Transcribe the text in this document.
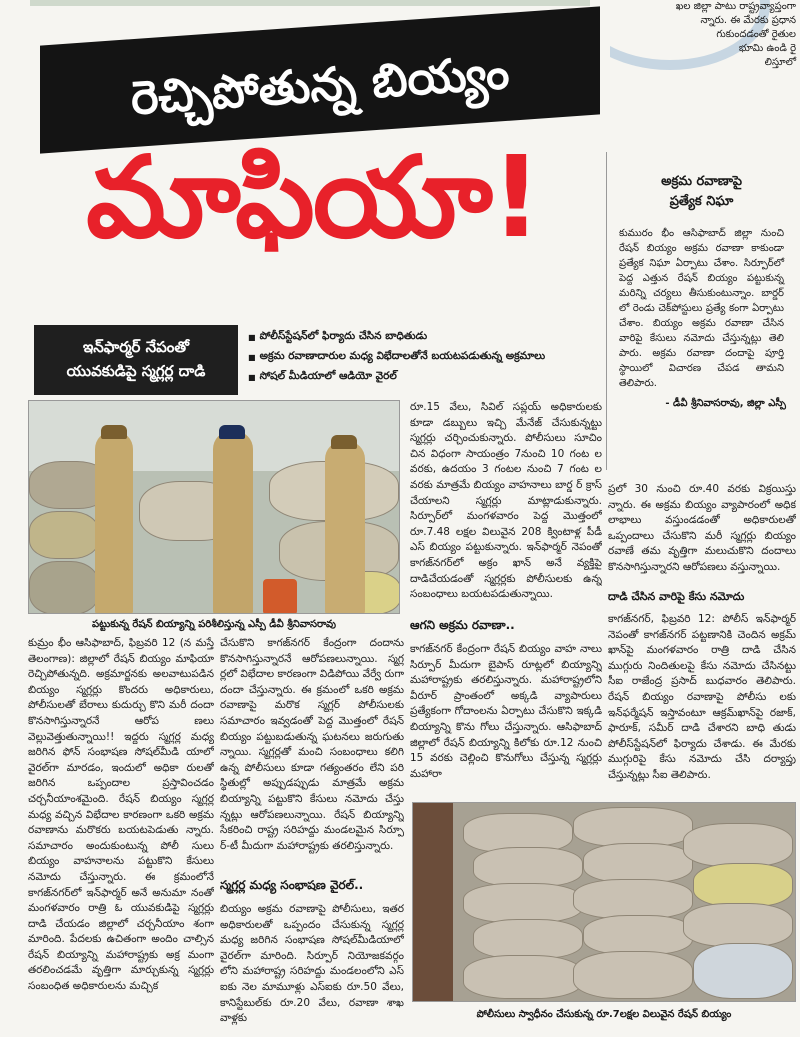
ఖల జిల్లా పాటు రాష్ట్రవ్యాప్తంగా
న్నారు. ఈ మేరకు ప్రధాన
గుకుందడంతో రైతుల
భూమి ఉండి రై
లిస్తూలో
రెచ్చిపోతున్న బియ్యం
మాఫియా!	అక్రమ రవాణాపై
ప్రత్యేక నిఘా
కుమురం భీం ఆసిఫాబాద్ జిల్లా నుంచి రేషన్ బియ్యం అక్రమ రవాణా కాకుండా ప్రత్యేక నిఘా ఏర్పాటు చేశాం. సిర్పూర్‌లో పెద్ద ఎత్తున రేషన్ బియ్యం పట్టుకున్న మరిన్ని చర్యలు తీసుకుంటున్నాం. బార్డర్ లో రెండు చెక్‌పోస్టులు ప్రత్యే కంగా ఏర్పాటు చేశాం. బియ్యం అక్రమ రవాణా చేసిన వారిపై కేసులు నమోదు చేస్తున్నట్లు తెలి పారు. అక్రమ రవాణా దందాపై పూర్తి స్థాయిలో విచారణ చేపడ తామని తెలిపారు.
- డీవీ శ్రీనివాసరావు, జిల్లా ఎస్పీ
ఇన్‌ఫార్మర్ నేపంతో
యువకుడిపై స్మగ్లర్ల దాడి
■ పోలీస్‌స్టేషన్‌లో ఫిర్యాదు చేసిన బాధితుడు
■ అక్రమ రవాణాదారుల మధ్య విభేదాలతోనే బయటపడుతున్న అక్రమాలు
■ సోషల్ మీడియాలో ఆడియో వైరల్
పట్టుకున్న రేషన్ బియ్యాన్ని పరిశీలిస్తున్న ఎస్పీ డీవీ శ్రీనివాసరావు
రూ.15 వేలు, సివిల్ సప్లయ్ అధికారులకు కూడా డబ్బులు ఇచ్చి మేనేజ్ చేసుకున్నట్టు స్మగ్లర్లు చర్చించుకున్నారు. పోలీసులు సూచిం చిన విధంగా సాయంత్రం 7నుంచి 10 గంట ల వరకు, ఉదయం 3 గంటల నుంచి 7 గంట ల వరకు మాత్రమే బియ్యం వాహనాలు బార్డ ర్ క్రాస్ చేయాలని స్మగ్లర్లు మాట్లాడుకున్నారు. సిర్పూర్‌లో మంగళవారం పెద్ద మొత్తంలో రూ.7.48 లక్షల విలువైన 208 క్వింటాళ్ల పీడీ ఎస్ బియ్యం పట్టుకున్నారు. ఇన్‌ఫార్మర్ నెపంతో కాగజ్‌నగర్‌లో అక్రం ఖాన్ అనే వ్యక్తిపై దాడిచేయడంతో స్మగ్లర్లకు పోలీసులకు ఉన్న సంబంధాలు బయటపడుతున్నాయి.
ఆగని అక్రమ రవాణా..
కాగజ్‌నగర్ కేంద్రంగా రేషన్ బియ్యం వాహ నాలు సిర్పూర్ మీదుగా బైపాస్ రూట్లలో బియ్యాన్ని మహారాష్ట్రకు తరలిస్తున్నారు. మహారాష్ట్రలోని వీరూర్ ప్రాంతంలో అక్కడి వ్యాపారులు ప్రత్యేకంగా గోదాంలను ఏర్పాటు చేసుకొని ఇక్కడి బియ్యాన్ని కొను గోలు చేస్తున్నారు. ఆసిఫాబాద్ జిల్లాలో రేషన్ బియ్యాన్ని కిలోకు రూ.12 నుంచి 15 వరకు చెల్లించి కొనుగోలు చేస్తున్న స్మగ్లర్లు మహారా
ప్రలో 30 నుంచి రూ.40 వరకు విక్రయిస్తు న్నారు. ఈ అక్రమ బియ్యం వ్యాపారంలో అధిక లాభాలు వస్తుండడంతో అధికారులతో ఒప్పందాలు చేసుకొని మరీ స్మగ్లర్లు బియ్యం రవాణే తమ వృత్తిగా మలుచుకొని దందాలు కొనసాగిస్తున్నారని ఆరోపణలు వస్తున్నాయి.
దాడి చేసిన వారిపై కేసు నమోదు
కాగజ్‌నగర్, ఫిబ్రవరి 12: పోలీస్ ఇన్‌ఫార్మర్ నెపంతో కాగజ్‌నగర్ పట్టణానికి చెందిన అక్రమ్ ఖాన్‌పై మంగళవారం రాత్రి దాడి చేసిన ముగ్గురు నిందితులపై కేసు నమోదు చేసినట్టు సీఐ రాజేంద్ర ప్రసాద్ బుధవారం తెలిపారు. రేషన్ బియ్యం రవాణాపై పోలీసు లకు ఇన్‌ఫర్మేషన్ ఇస్తావంటూ ఆక్రమ్‌ఖాన్‌పై రజాక్, ఫారూక్, సమీర్ దాడి చేశారని బాధి తుడు పోలీస్‌స్టేషన్‌లో ఫిర్యాదు చేశాడు. ఈ మేరకు ముగ్గురిపై కేసు నమోదు చేసి దర్యాప్తు చేస్తున్నట్లు సీఐ తెలిపారు.
కుమ్రం భీం ఆసిఫాబాద్, ఫిబ్రవరి 12 (న మస్తే తెలంగాణ): జిల్లాలో రేషన్ బియ్యం మాఫియా రెచ్చిపోతున్నది. అక్రమార్జనకు అలవాటుపడిన బియ్యం స్మగ్లర్లు కొందరు అధికారులు, పోలీసులతో బేరాలు కుదుర్చు కొని మరీ దందా కొనసాగిస్తున్నారనే ఆరోప ణలు వెల్లువెత్తుతున్నాయి!! ఇద్దరు స్మగ్లర్ల మధ్య జరిగిన ఫోన్ సంభాషణ సోషల్‌మీడి యాలో వైరల్‌గా మారడం, ఇందులో అధికా రులతో జరిగిన ఒప్పందాల ప్రస్తావించడం చర్చనీయాంశమైంది. రేషన్ బియ్యం స్మగ్లర్ల మధ్య వచ్చిన విభేదాల కారణంగా ఒకరి అక్రమ రవాణాను మరొకరు బయటపెడుతు న్నారు. సమాచారం అందుకుంటున్న పోలీ సులు బియ్యం వాహనాలను పట్టుకొని కేసులు నమోదు చేస్తున్నారు. ఈ క్రమంలోనే కాగజ్‌నగర్‌లో ఇన్‌ఫార్మర్ అనే అనుమా నంతో మంగళవారం రాత్రి ఓ యువకుడిపై స్మగ్లర్లు దాడి చేయడం జిల్లాలో చర్చనీయాం శంగా మారింది. పేదలకు ఉచితంగా అందిం చాల్సిన రేషన్ బియ్యాన్ని మహారాష్ట్రకు అక్ర మంగా తరలించడమే వృత్తిగా మార్చుకున్న స్మగ్లర్లు సంబంధిత అధికారులను మచ్చిక
చేసుకొని కాగజ్‌నగర్ కేంద్రంగా దందాను కొనసాగిస్తున్నారనే ఆరోపణలున్నాయి. స్మగ్ల ర్లలో విభేదాల కారణంగా విడిపోయి వేర్వే రుగా దందా చేస్తున్నారు. ఈ క్రమంలో ఒకరి అక్రమ రవాణాపై మరొక స్మగ్లర్ పోలీసులకు సమాచారం ఇవ్వడంతో పెద్ద మొత్తంలో రేషన్ బియ్యం పట్టుబడుతున్న ఘటనలు జరుగుతు న్నాయి. స్మగ్లర్లతో మంచి సంబంధాలు కలిగి ఉన్న పోలీసులు కూడా గత్యంతరం లేని పరి స్థితుల్లో అప్పుడప్పుడు మాత్రమే అక్రమ బియ్యాన్ని పట్టుకొని కేసులు నమోదు చేస్తు న్నట్లు ఆరోపణలున్నాయి. రేషన్ బియ్యాన్ని సేకరించి రాష్ట్ర సరిహద్దు మండలమైన సిర్పూ ర్-టీ మీదుగా మహారాష్ట్రకు తరలిస్తున్నారు.
స్మగ్లర్ల మధ్య సంభాషణ వైరల్..
బియ్యం అక్రమ రవాణాపై పోలీసులు, ఇతర అధికారులతో ఒప్పందం చేసుకున్న స్మగ్లర్ల మధ్య జరిగిన సంభాషణ సోషల్‌మీడియాలో వైరల్‌గా మారింది. సిర్పూర్ నియోజకవర్గం లోని మహారాష్ట్ర సరిహద్దు మండలంలోని ఎస్ ఐకు నెల మామూళ్లు ఎస్‌ఐకు రూ.50 వేలు, కానిస్టేబుల్‌కు రూ.20 వేలు, రవాణా శాఖ వాళ్లకు	పోలీసులు స్వాధీనం చేసుకున్న రూ.7లక్షల విలువైన రేషన్ బియ్యం
